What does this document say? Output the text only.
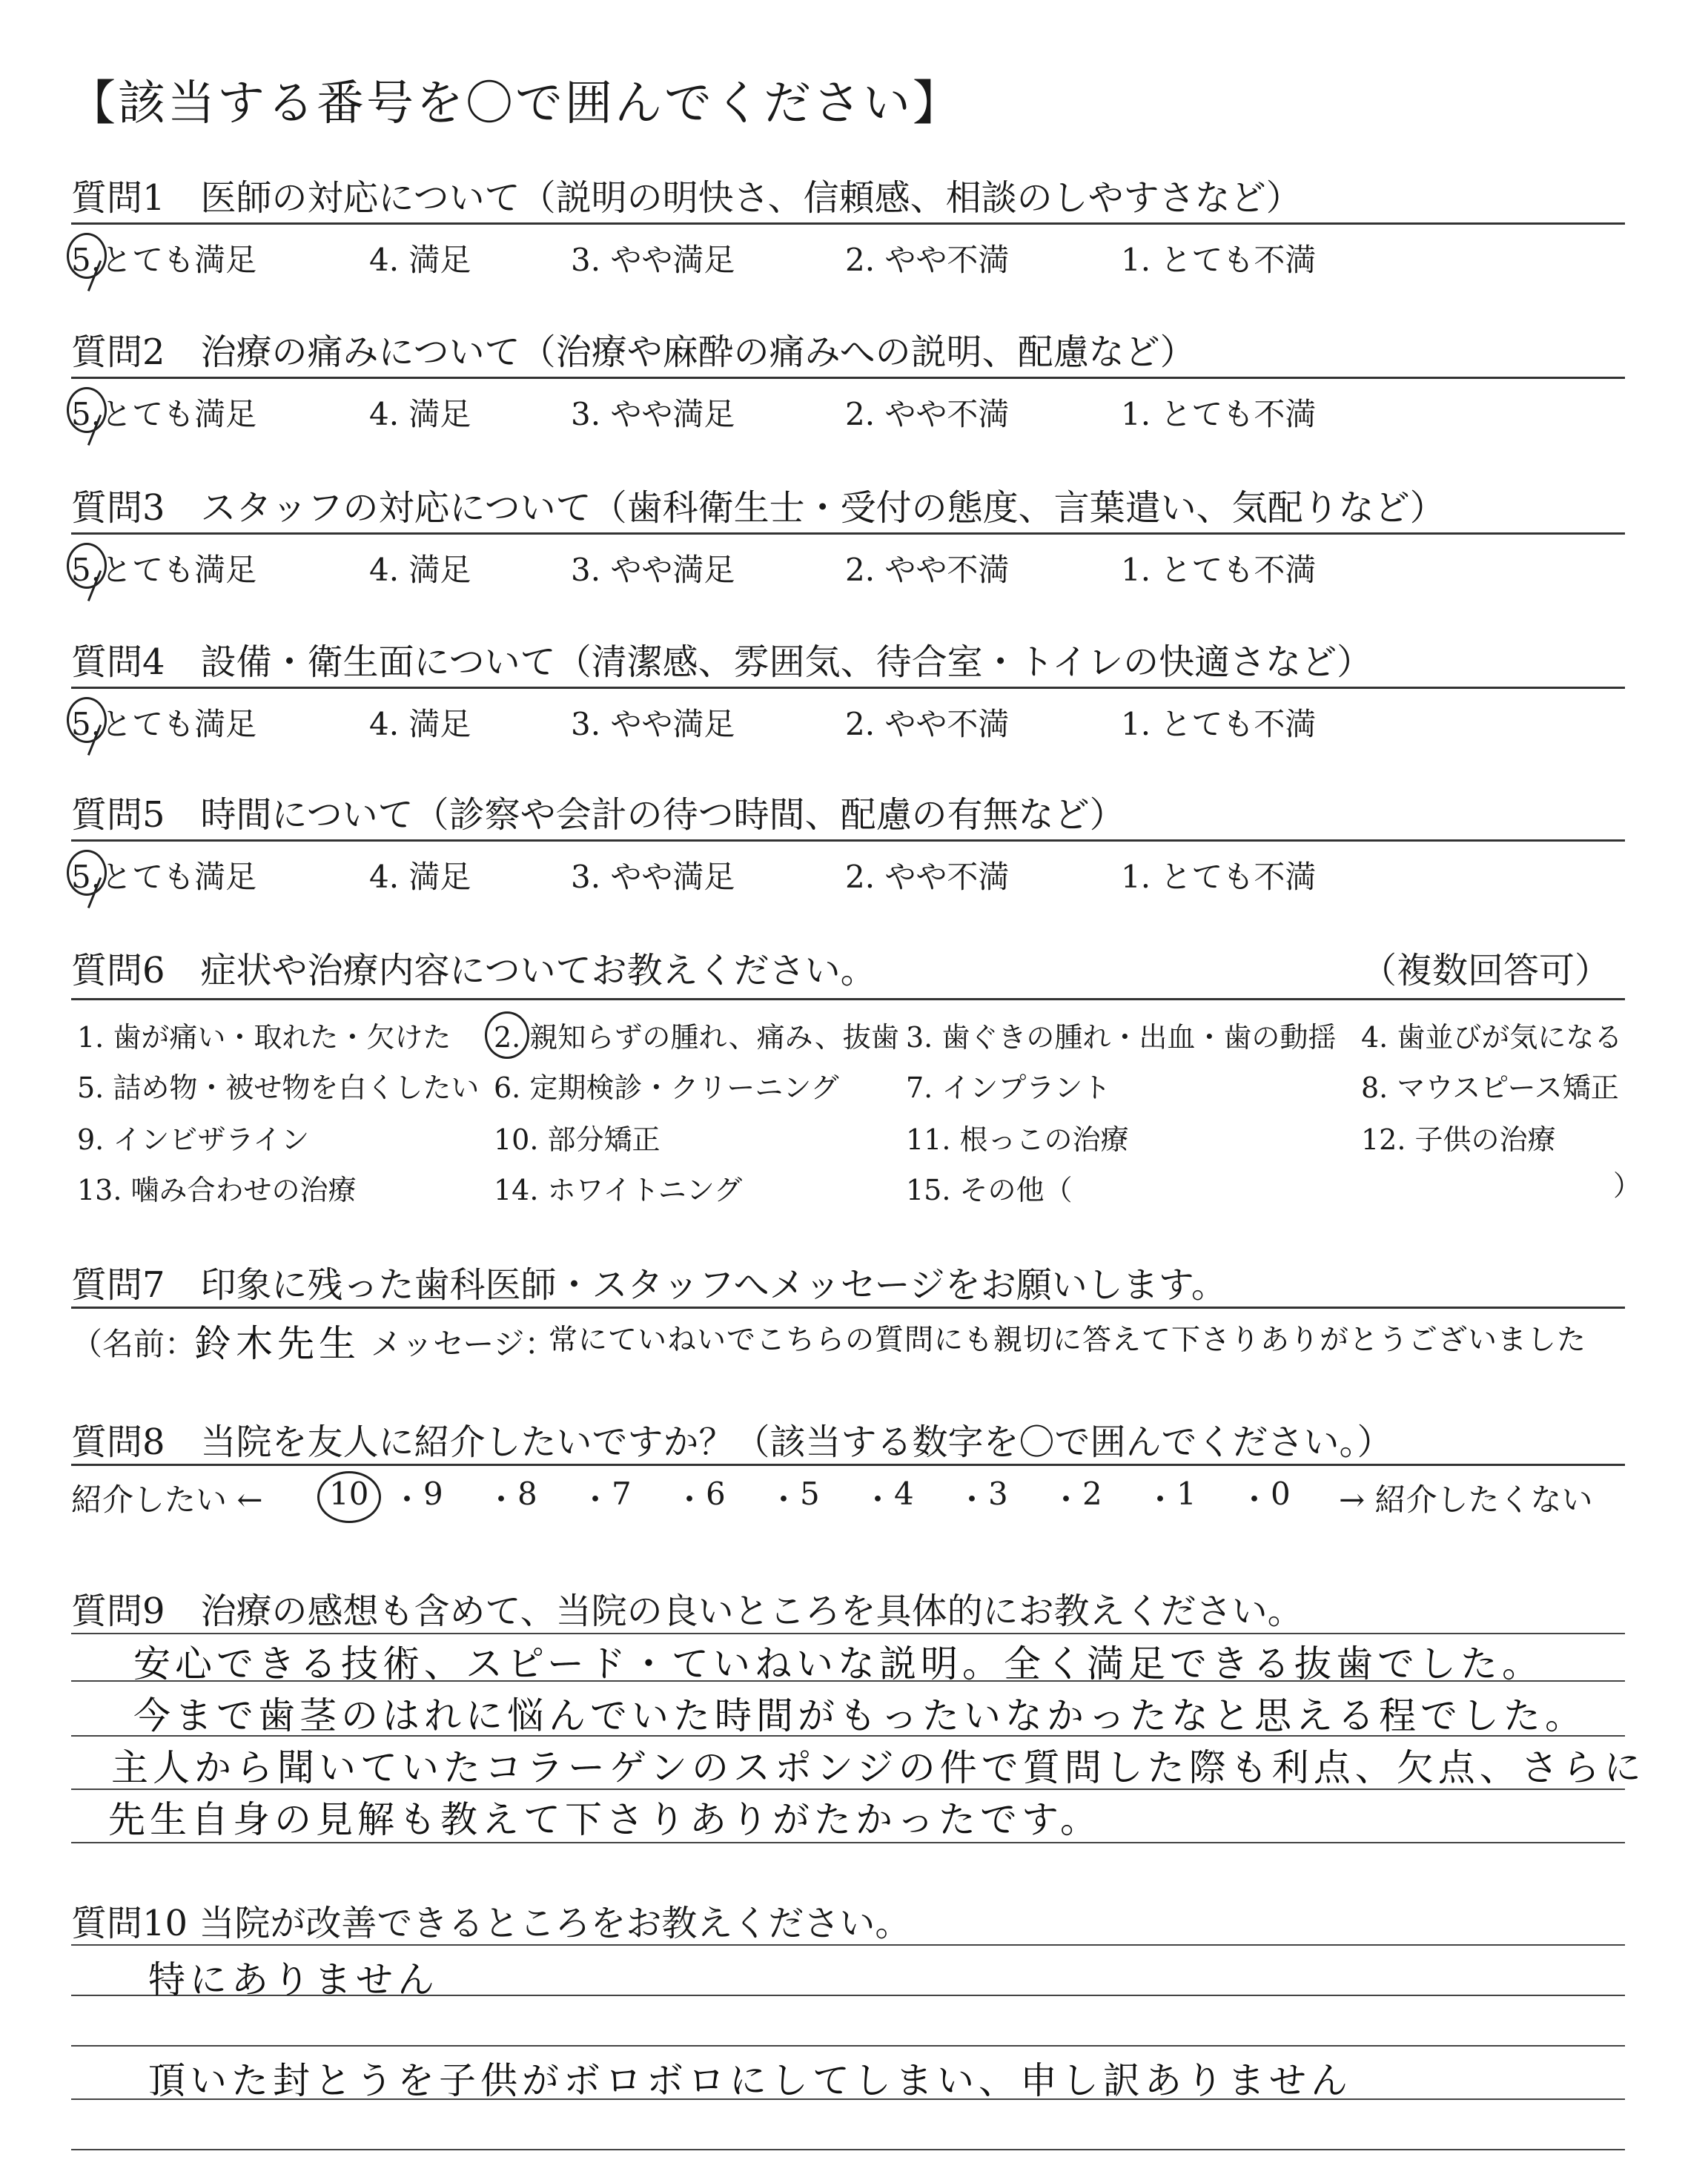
【該当する番号を〇で囲んでください】
質問1　医師の対応について（説明の明快さ、信頼感、相談のしやすさなど）
5.とても満足	4. 満足	3. やや満足	2. やや不満	1. とても不満
質問2　治療の痛みについて（治療や麻酔の痛みへの説明、配慮など）
5.とても満足	4. 満足	3. やや満足	2. やや不満	1. とても不満
質問3　スタッフの対応について（歯科衛生士・受付の態度、言葉遣い、気配りなど）
5.とても満足	4. 満足	3. やや満足	2. やや不満	1. とても不満
質問4　設備・衛生面について（清潔感、雰囲気、待合室・トイレの快適さなど）
5.とても満足	4. 満足	3. やや満足	2. やや不満	1. とても不満
質問5　時間について（診察や会計の待つ時間、配慮の有無など）
5.とても満足	4. 満足	3. やや満足	2. やや不満	1. とても不満
質問6　症状や治療内容についてお教えください。	（複数回答可）
1. 歯が痛い・取れた・欠けた 2. 親知らずの腫れ、痛み、抜歯 3. 歯ぐきの腫れ・出血・歯の動揺 4. 歯並びが気になる
5. 詰め物・被せ物を白くしたい 6. 定期検診・クリーニング 7. インプラント	8. マウスピース矯正
9. インビザライン	10. 部分矯正	11. 根っこの治療	12. 子供の治療
13. 噛み合わせの治療	14. ホワイトニング	15. その他（	）
質問7　印象に残った歯科医師・スタッフへメッセージをお願いします。
（名前：
鈴木先生 メッセージ：
常にていねいでこちらの質問にも親切に答えて下さりありがとうございました
質問8　当院を友人に紹介したいですか？（該当する数字を〇で囲んでください。）
紹介したい ←	→ 紹介したくない
10 ・ 9 ・ 8 ・ 7 ・ 6 ・ 5 ・ 4 ・ 3 ・ 2 ・ 1 ・ 0
質問9　治療の感想も含めて、当院の良いところを具体的にお教えください。
安心できる技術、スピード・ていねいな説明。全く満足できる抜歯でした。
今まで歯茎のはれに悩んでいた時間がもったいなかったなと思える程でした。
主人から聞いていたコラーゲンのスポンジの件で質問した際も利点、欠点、さらに
先生自身の見解も教えて下さりありがたかったです。
質問10 当院が改善できるところをお教えください。
特にありません
頂いた封とうを子供がボロボロにしてしまい、申し訳ありません
